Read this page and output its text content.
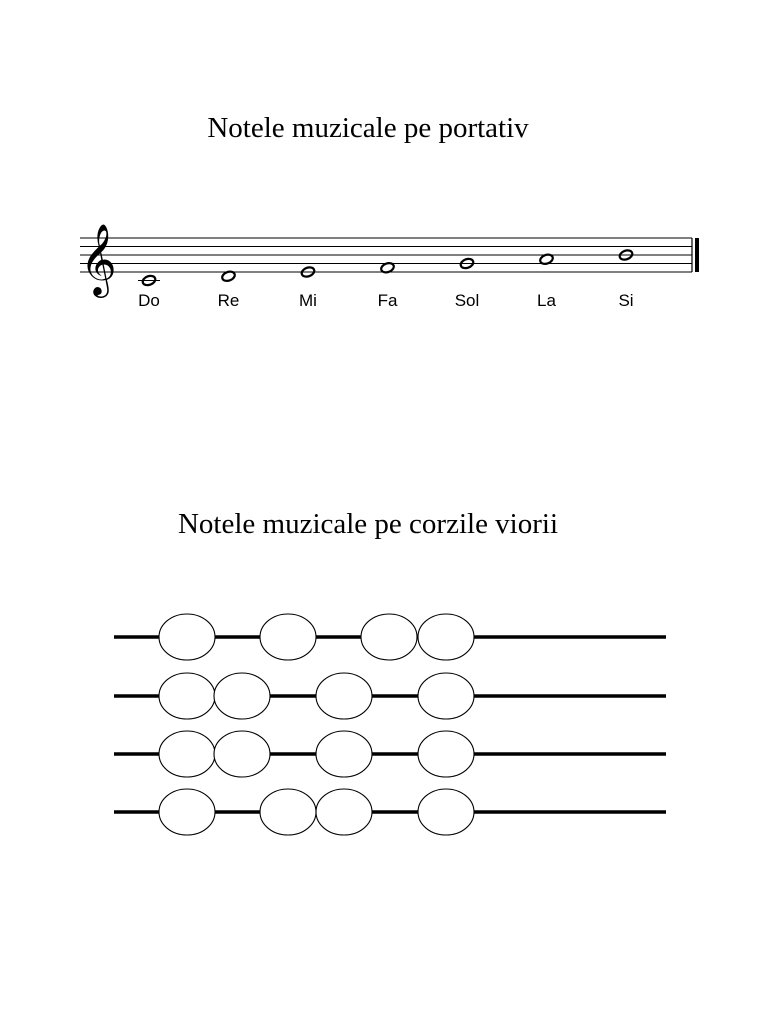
Notele muzicale pe portativ
𝄞
Do	Re	Mi	Fa	Sol	La	Si
Notele muzicale pe corzile viorii
